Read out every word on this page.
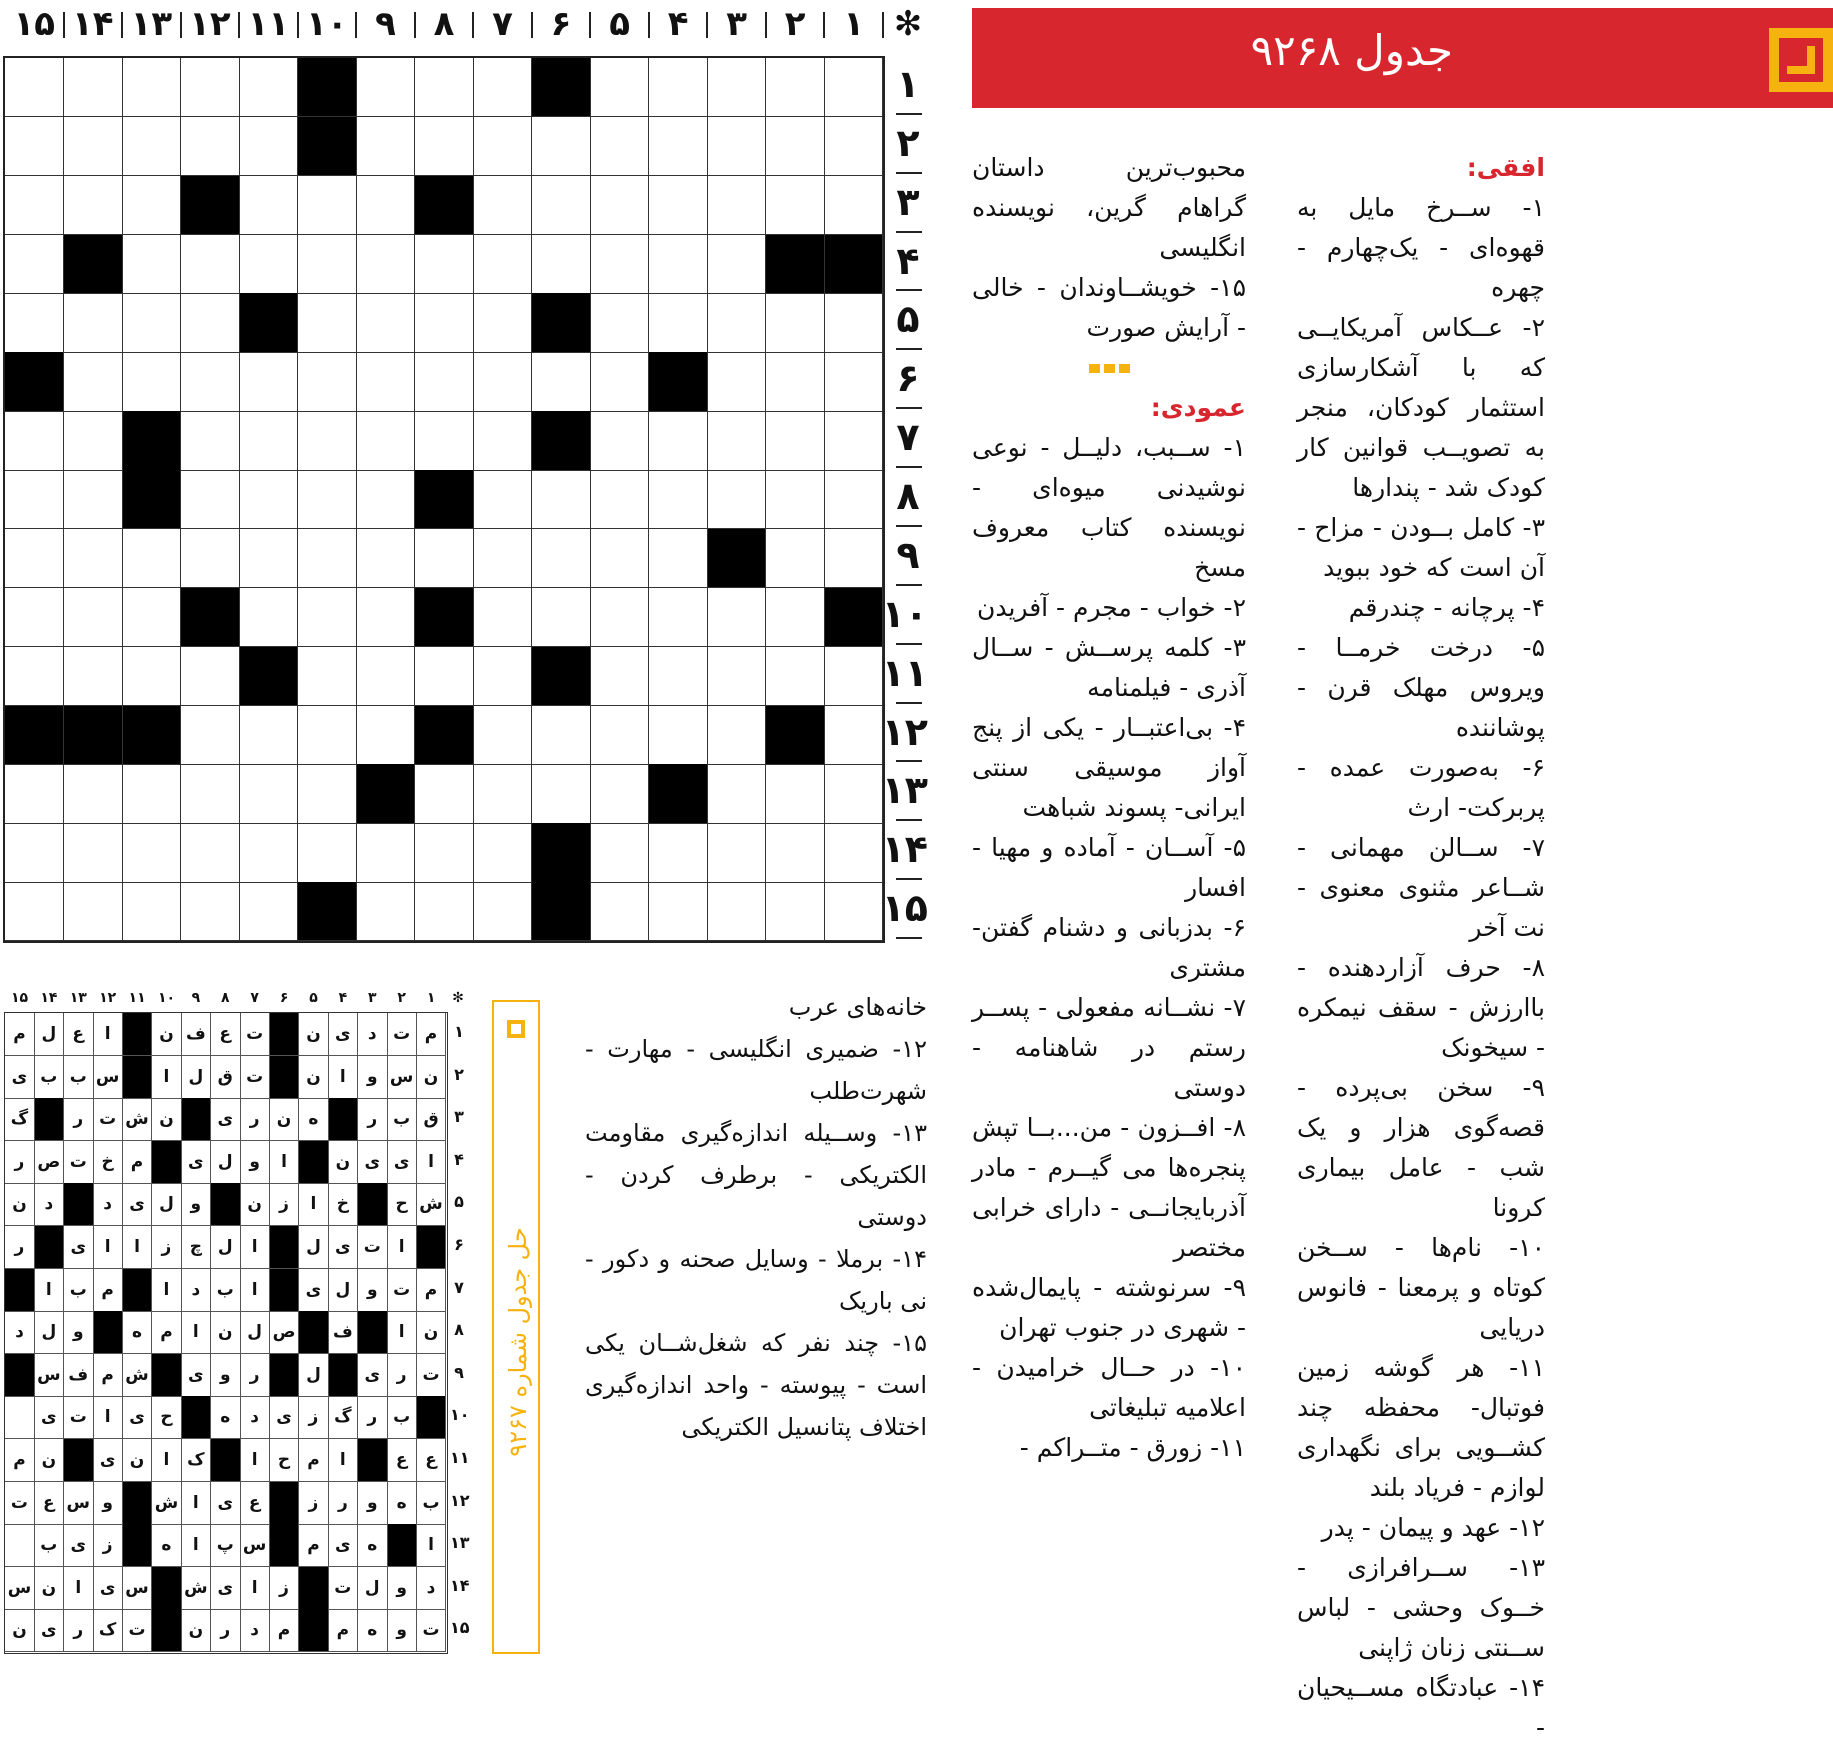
جدول ۹۲۶۸
✻
۱
۲
۳
۴
۵
۶
۷
۸
۹
۱۰
۱۱
۱۲
۱۳
۱۴
۱۵
۱
۲
۳
۴
۵
۶
۷
۸
۹
۱۰
۱۱
۱۲
۱۳
۱۴
۱۵
افقی:
۱- ســرخ مایل به قهوه‌ای - یک‌چهارم - چهره
۲- عــکاس آمریکایــی که با آشکارسازی استثمار کودکان، منجر به تصویــب قوانین کار کودک شد - پندارها
۳- کامل بــودن - مزاح - آن است که خود ببوید
۴- پرچانه - چندرقم
۵- درخت خرمــا - ویروس مهلک قرن - پوشاننده
۶- به‌صورت عمده - پربرکت- ارث
۷- ســالن مهمانی - شــاعر مثنوی معنوی - نت آخر
۸- حرف آزاردهنده - باارزش - سقف نیمکره - سیخونک
۹- سخن بی‌پرده - قصه‌گوی هزار و یک شب - عامل بیماری کرونا
۱۰- نام‌ها - ســخن کوتاه و پرمعنا - فانوس دریایی
۱۱- هر گوشه زمین فوتبال- محفظه چند کشــویی برای نگهداری لوازم - فریاد بلند
۱۲- عهد و پیمان - پدر
۱۳- ســرافرازی - خــوک وحشی - لباس ســنتی زنان ژاپنی
۱۴- عبادتگاه مســیحیان -
محبوب‌ترین داستان گراهام گرین، نویسنده انگلیسی
۱۵- خویشــاوندان - خالی - آرایش صورت
عمودی:
۱- ســبب، دلیــل - نوعی نوشیدنی میوه‌ای - نویسنده کتاب معروف مسخ
۲- خواب - مجرم - آفریدن
۳- کلمه پرســش - ســال آذری - فیلمنامه
۴- بی‌اعتبــار - یکی از پنج آواز موسیقی سنتی ایرانی- پسوند شباهت
۵- آســان - آماده و مهیا - افسار
۶- بدزبانی و دشنام گفتن- مشتری
۷- نشــانه مفعولی - پســر رستم در شاهنامه - دوستی
۸- افــزون - من...بــا تپش پنجره‌ها می گیــرم - مادر آذربایجانــی - دارای خرابی مختصر
۹- سرنوشته - پایمال‌شده - شهری در جنوب تهران
۱۰- در حــال خرامیدن - اعلامیه تبلیغاتی
۱۱- زورق - متــراکم -
خانه‌های عرب
۱۲- ضمیری انگلیسی - مهارت - شهرت‌طلب
۱۳- وســیله اندازه‌گیری مقاومت الکتریکی - برطرف کردن - دوستی
۱۴- برملا - وسایل صحنه و دکور - نی باریک
۱۵- چند نفر که شغل‌شــان یکی است - پیوسته - واحد اندازه‌گیری اختلاف پتانسیل الکتریکی
حل جدول شماره ۹۲۶۷
✻
۱
۲
۳
۴
۵
۶
۷
۸
۹
۱۰
۱۱
۱۲
۱۳
۱۴
۱۵
م
ت
د
ی
ن
ت
ع
ف
ن
ا
ع
ل
م
ن
س
و
ا
ن
ت
ق
ل
ا
س
ب
ب
ی
ق
ب
ر
ه
ن
ر
ی
ن
ش
ت
ر
گ
ا
ی
ی
ن
ا
و
ل
ی
م
خ
ت
ص
ر
ش
ح
خ
ا
ز
ن
و
ل
ی
د
د
ن
ا
ت
ی
ل
ا
ل
چ
ز
ا
ا
ی
ر
م
ت
و
ل
ی
ا
ب
د
ا
م
ب
ا
ن
ا
ف
ص
ل
ن
ا
م
ه
و
ل
د
ت
ر
ی
ل
ر
و
ی
ش
م
ف
س
ب
ر
گ
ز
ی
د
ه
ح
ی
ا
ت
ی
ع
ع
ا
م
ح
ا
ک
ا
ن
ی
ن
م
ب
ه
و
ر
ز
ع
ی
ا
ش
و
س
ع
ت
ا
ه
ی
م
س
پ
ا
ه
ز
ی
ب
د
و
ل
ت
ز
ا
ی
ش
س
ی
ا
ن
س
ت
و
ه
م
م
د
ر
ن
ت
ک
ر
ی
ن
۱
۲
۳
۴
۵
۶
۷
۸
۹
۱۰
۱۱
۱۲
۱۳
۱۴
۱۵
